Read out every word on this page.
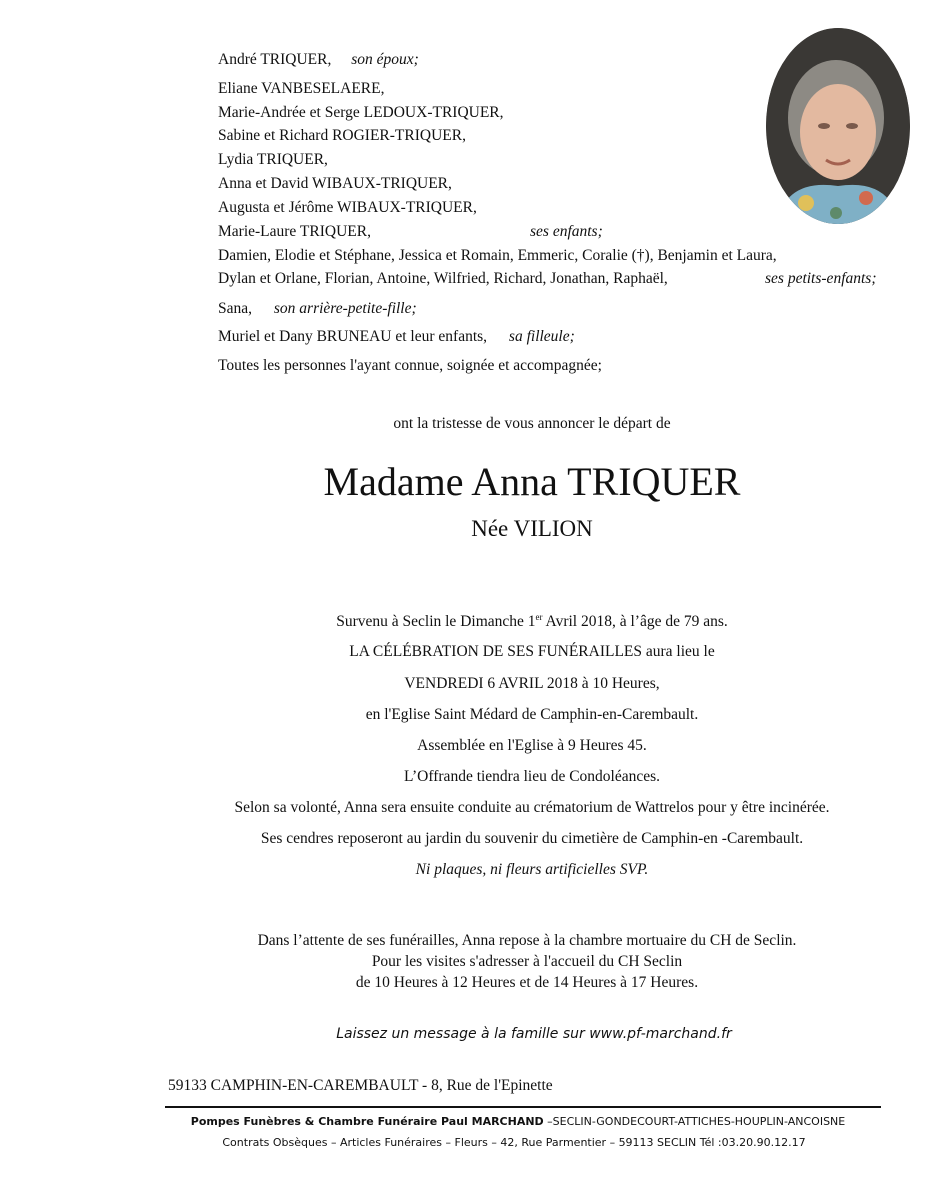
André TRIQUER, son époux;
Eliane VANBESELAERE,
Marie-Andrée et Serge LEDOUX-TRIQUER,
Sabine et Richard ROGIER-TRIQUER,
Lydia TRIQUER,
Anna et David WIBAUX-TRIQUER,
Augusta et Jérôme WIBAUX-TRIQUER,
Marie-Laure TRIQUER,	ses enfants;
Damien, Elodie et Stéphane, Jessica et Romain, Emmeric, Coralie (†), Benjamin et Laura,
Dylan et Orlane, Florian, Antoine, Wilfried, Richard, Jonathan, Raphaël,	ses petits-enfants;
Sana, son arrière-petite-fille;
Muriel et Dany BRUNEAU et leur enfants, sa filleule;
Toutes les personnes l'ayant connue, soignée et accompagnée;
ont la tristesse de vous annoncer le départ de
Madame Anna TRIQUER
Née VILION
Survenu à Seclin le Dimanche 1er Avril 2018, à l’âge de 79 ans.
LA CÉLÉBRATION DE SES FUNÉRAILLES aura lieu le
VENDREDI 6 AVRIL 2018 à 10 Heures,
en l'Eglise Saint Médard de Camphin-en-Carembault.
Assemblée en l'Eglise à 9 Heures 45.
L’Offrande tiendra lieu de Condoléances.
Selon sa volonté, Anna sera ensuite conduite au crématorium de Wattrelos pour y être incinérée.
Ses cendres reposeront au jardin du souvenir du cimetière de Camphin-en -Carembault.
Ni plaques, ni fleurs artificielles SVP.
Dans l’attente de ses funérailles, Anna repose à la chambre mortuaire du CH de Seclin.
Pour les visites s'adresser à l'accueil du CH Seclin
de 10 Heures à 12 Heures et de 14 Heures à 17 Heures.
Laissez un message à la famille sur www.pf-marchand.fr
59133 CAMPHIN-EN-CAREMBAULT - 8, Rue de l'Epinette
Pompes Funèbres & Chambre Funéraire Paul MARCHAND –SECLIN-GONDECOURT-ATTICHES-HOUPLIN-ANCOISNE
Contrats Obsèques – Articles Funéraires – Fleurs – 42, Rue Parmentier – 59113 SECLIN Tél :03.20.90.12.17
